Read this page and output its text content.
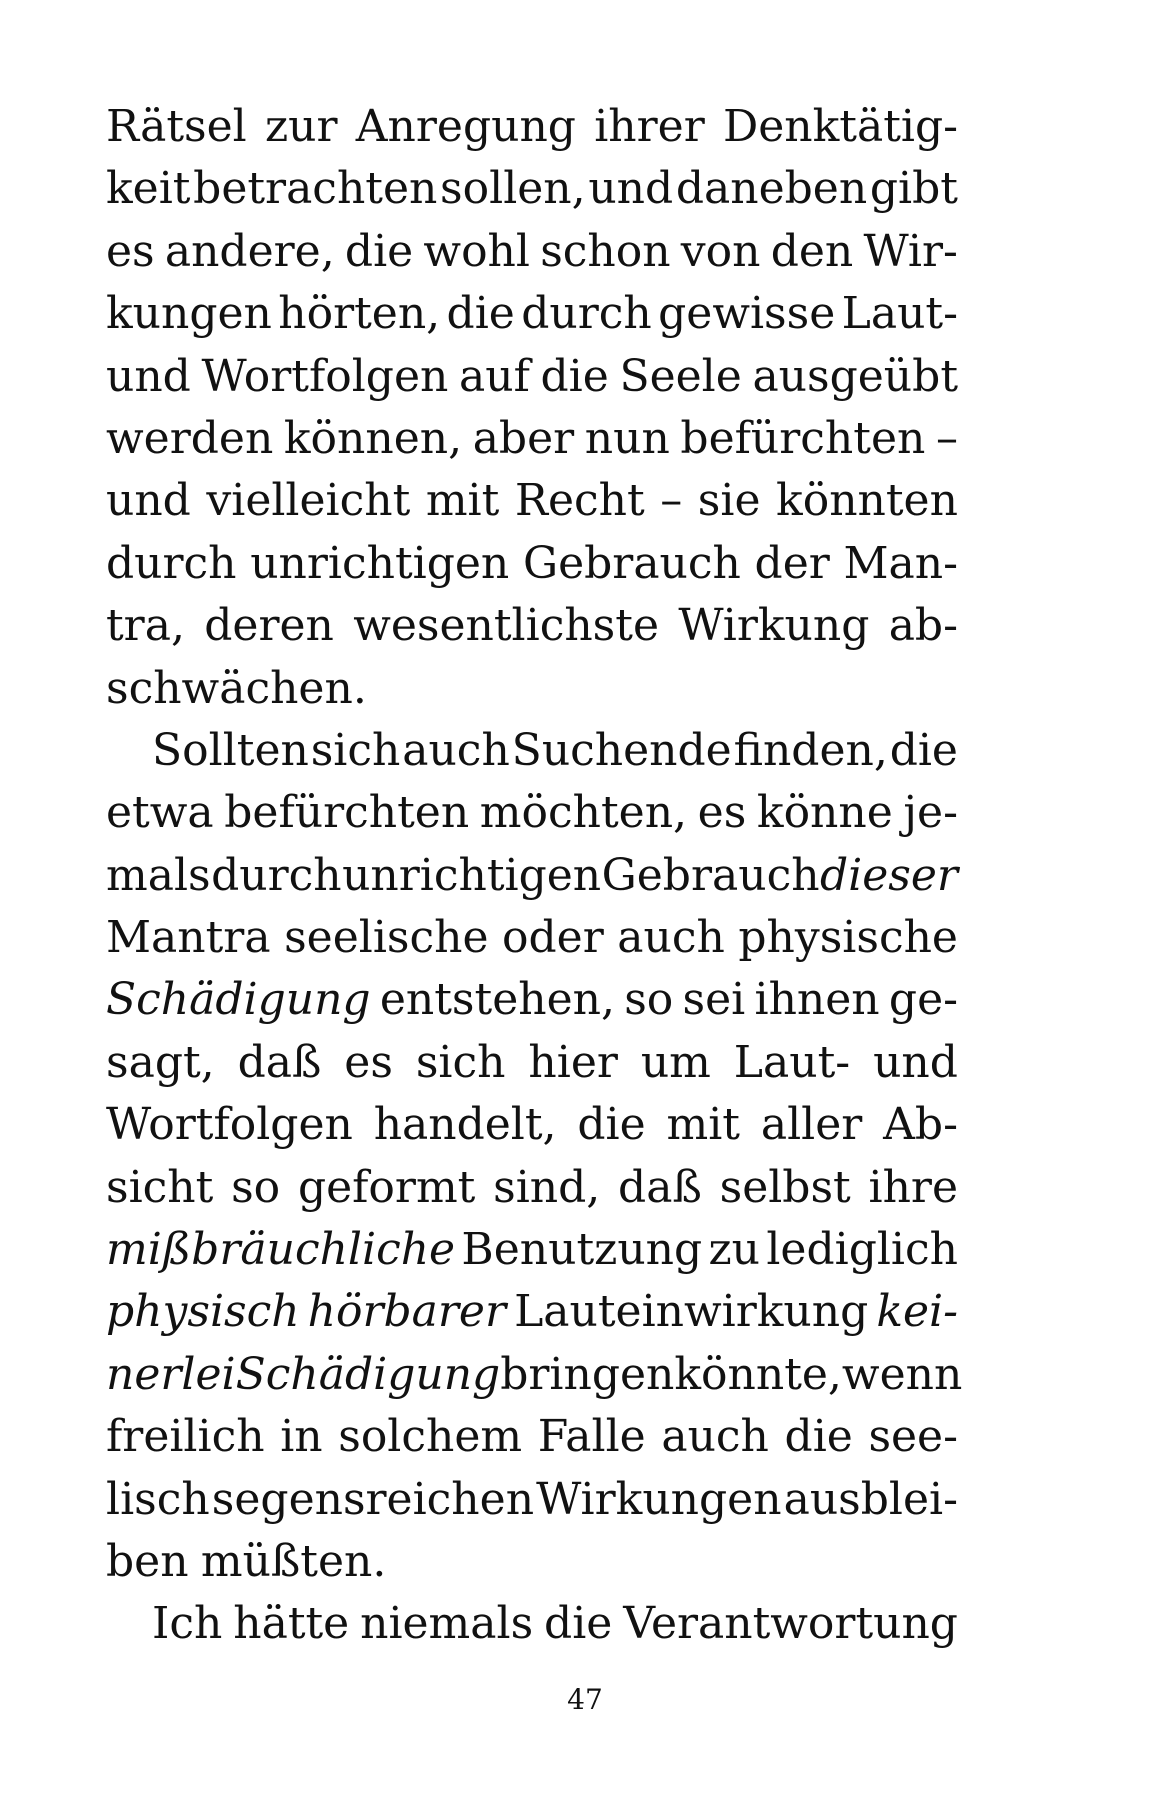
Rätsel zur Anregung ihrer Denktätig-
keit betrachten sollen, und daneben gibt
es andere, die wohl schon von den Wir-
kungen hörten, die durch gewisse Laut-
und Wortfolgen auf die Seele ausgeübt
werden können, aber nun befürchten –
und vielleicht mit Recht – sie könnten
durch unrichtigen Gebrauch der Man-
tra, deren wesentlichste Wirkung ab-
schwächen.
Sollten sich auch Suchende finden, die
etwa befürchten möchten, es könne je-
mals durch unrichtigen Gebrauch dieser
Mantra seelische oder auch physische
Schädigung entstehen, so sei ihnen ge-
sagt, daß es sich hier um Laut- und
Wortfolgen handelt, die mit aller Ab-
sicht so geformt sind, daß selbst ihre
mißbräuchliche Benutzung zu lediglich
physisch hörbarer Lauteinwirkung kei-
nerlei Schädigung bringen könnte, wenn
freilich in solchem Falle auch die see-
lisch segensreichen Wirkungen ausblei-
ben müßten.
Ich hätte niemals die Verantwortung
47
